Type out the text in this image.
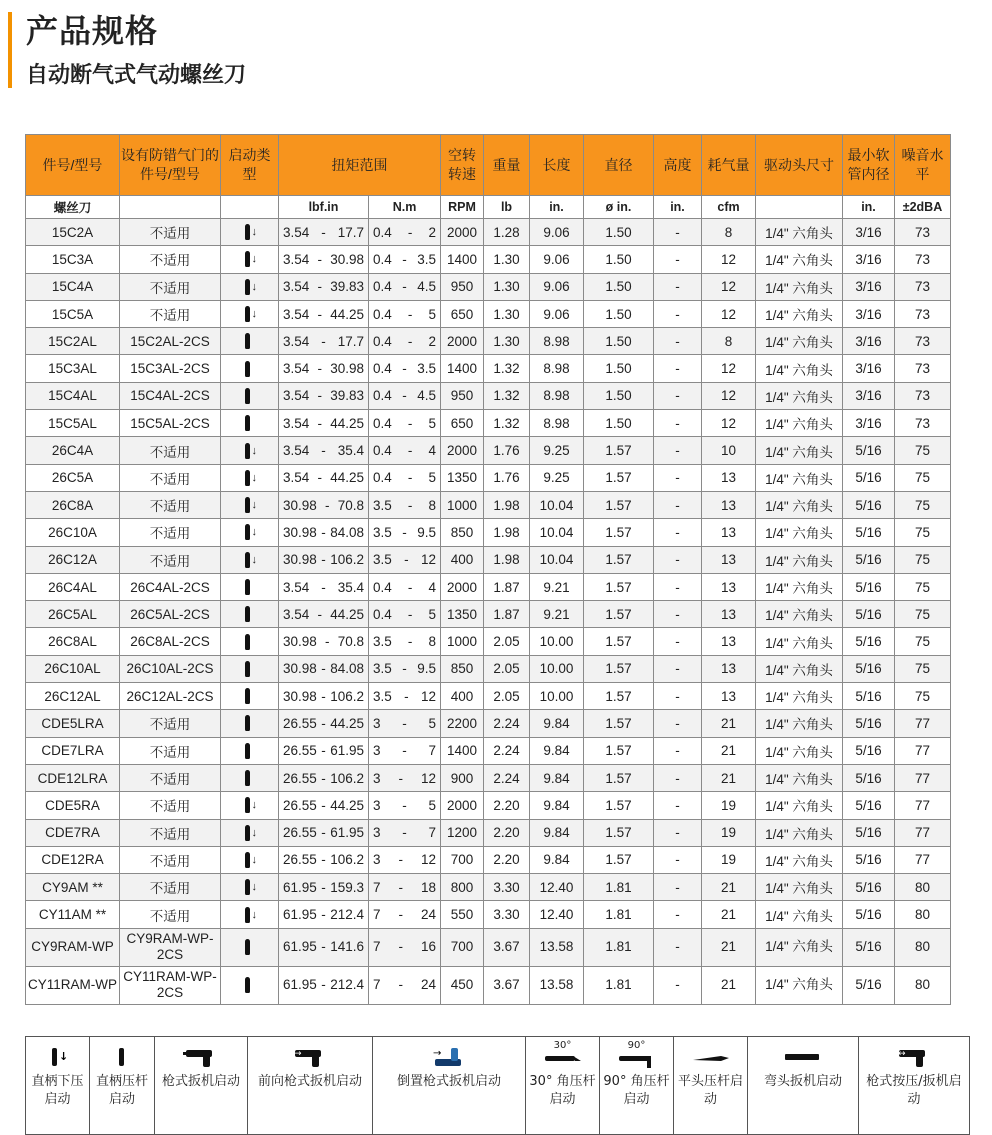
产品规格
自动断气式气动螺丝刀
件号/型号	设有防错气门的件号/型号	启动类型	扭矩范围		空转转速	重量	长度	直径	高度	耗气量	驱动头尺寸	最小软管内径	噪音水平
螺丝刀			lbf.in	N.m	RPM	lb	in.	ø in.	in.	cfm		in.	±2dBA
15C2A	不适用	↓	3.54 - 17.7	0.4 - 2	2000	1.28	9.06	1.50	-	8	1/4" 六角头	3/16	73
15C3A	不适用	↓	3.54 - 30.98	0.4 - 3.5	1400	1.30	9.06	1.50	-	12	1/4" 六角头	3/16	73
15C4A	不适用	↓	3.54 - 39.83	0.4 - 4.5	950	1.30	9.06	1.50	-	12	1/4" 六角头	3/16	73
15C5A	不适用	↓	3.54 - 44.25	0.4 - 5	650	1.30	9.06	1.50	-	12	1/4" 六角头	3/16	73
15C2AL	15C2AL-2CS		3.54 - 17.7	0.4 - 2	2000	1.30	8.98	1.50	-	8	1/4" 六角头	3/16	73
15C3AL	15C3AL-2CS		3.54 - 30.98	0.4 - 3.5	1400	1.32	8.98	1.50	-	12	1/4" 六角头	3/16	73
15C4AL	15C4AL-2CS		3.54 - 39.83	0.4 - 4.5	950	1.32	8.98	1.50	-	12	1/4" 六角头	3/16	73
15C5AL	15C5AL-2CS		3.54 - 44.25	0.4 - 5	650	1.32	8.98	1.50	-	12	1/4" 六角头	3/16	73
26C4A	不适用	↓	3.54 - 35.4	0.4 - 4	2000	1.76	9.25	1.57	-	10	1/4" 六角头	5/16	75
26C5A	不适用	↓	3.54 - 44.25	0.4 - 5	1350	1.76	9.25	1.57	-	13	1/4" 六角头	5/16	75
26C8A	不适用	↓	30.98 - 70.8	3.5 - 8	1000	1.98	10.04	1.57	-	13	1/4" 六角头	5/16	75
26C10A	不适用	↓	30.98 - 84.08	3.5 - 9.5	850	1.98	10.04	1.57	-	13	1/4" 六角头	5/16	75
26C12A	不适用	↓	30.98 - 106.2	3.5 - 12	400	1.98	10.04	1.57	-	13	1/4" 六角头	5/16	75
26C4AL	26C4AL-2CS		3.54 - 35.4	0.4 - 4	2000	1.87	9.21	1.57	-	13	1/4" 六角头	5/16	75
26C5AL	26C5AL-2CS		3.54 - 44.25	0.4 - 5	1350	1.87	9.21	1.57	-	13	1/4" 六角头	5/16	75
26C8AL	26C8AL-2CS		30.98 - 70.8	3.5 - 8	1000	2.05	10.00	1.57	-	13	1/4" 六角头	5/16	75
26C10AL	26C10AL-2CS		30.98 - 84.08	3.5 - 9.5	850	2.05	10.00	1.57	-	13	1/4" 六角头	5/16	75
26C12AL	26C12AL-2CS		30.98 - 106.2	3.5 - 12	400	2.05	10.00	1.57	-	13	1/4" 六角头	5/16	75
CDE5LRA	不适用		26.55 - 44.25	3 - 5	2200	2.24	9.84	1.57	-	21	1/4" 六角头	5/16	77
CDE7LRA	不适用		26.55 - 61.95	3 - 7	1400	2.24	9.84	1.57	-	21	1/4" 六角头	5/16	77
CDE12LRA	不适用		26.55 - 106.2	3 - 12	900	2.24	9.84	1.57	-	21	1/4" 六角头	5/16	77
CDE5RA	不适用	↓	26.55 - 44.25	3 - 5	2000	2.20	9.84	1.57	-	19	1/4" 六角头	5/16	77
CDE7RA	不适用	↓	26.55 - 61.95	3 - 7	1200	2.20	9.84	1.57	-	19	1/4" 六角头	5/16	77
CDE12RA	不适用	↓	26.55 - 106.2	3 - 12	700	2.20	9.84	1.57	-	19	1/4" 六角头	5/16	77
CY9AM **	不适用	↓	61.95 - 159.3	7 - 18	800	3.30	12.40	1.81	-	21	1/4" 六角头	5/16	80
CY11AM **	不适用	↓	61.95 - 212.4	7 - 24	550	3.30	12.40	1.81	-	21	1/4" 六角头	5/16	80
CY9RAM-WP	CY9RAM-WP-2CS		61.95 - 141.6	7 - 16	700	3.67	13.58	1.81	-	21	1/4" 六角头	5/16	80
CY11RAM-WP	CY11RAM-WP-2CS		61.95 - 212.4	7 - 24	450	3.67	13.58	1.81	-	21	1/4" 六角头	5/16	80
↓
直柄下压启动

直柄压杆启动

枪式扳机启动

→
前向枪式扳机启动

→
倒置枪式扳机启动

30°
30° 角压杆启动

90°
90° 角压杆启动

平头压杆启动

弯头扳机启动

↔
枪式按压/扳机启动
